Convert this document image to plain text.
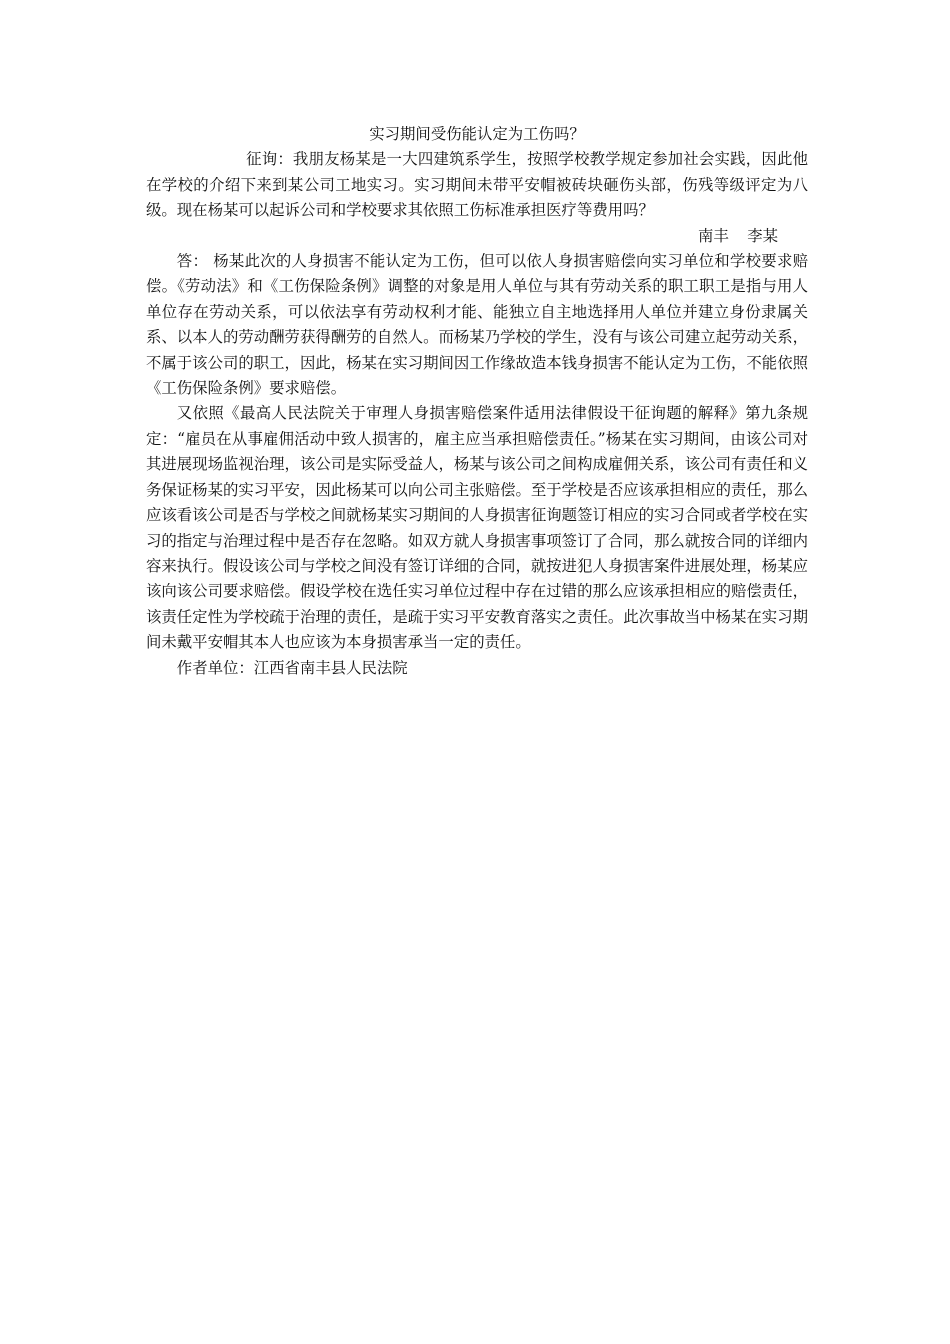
实习期间受伤能认定为工伤吗？

征询：我朋友杨某是一大四建筑系学生，按照学校教学规定参加社会实践，因此他在学校的介绍下来到某公司工地实习。实习期间未带平安帽被砖块砸伤头部，伤残等级评定为八级。现在杨某可以起诉公司和学校要求其依照工伤标准承担医疗等费用吗？

南丰 李某

答： 杨某此次的人身损害不能认定为工伤，但可以依人身损害赔偿向实习单位和学校要求赔偿。《劳动法》和《工伤保险条例》调整的对象是用人单位与其有劳动关系的职工职工是指与用人单位存在劳动关系，可以依法享有劳动权利才能、能独立自主地选择用人单位并建立身份隶属关系、以本人的劳动酬劳获得酬劳的自然人。而杨某乃学校的学生，没有与该公司建立起劳动关系，不属于该公司的职工，因此，杨某在实习期间因工作缘故造本钱身损害不能认定为工伤，不能依照《工伤保险条例》要求赔偿。

又依照《最高人民法院关于审理人身损害赔偿案件适用法律假设干征询题的解释》第九条规定：“雇员在从事雇佣活动中致人损害的，雇主应当承担赔偿责任。”杨某在实习期间，由该公司对其进展现场监视治理，该公司是实际受益人，杨某与该公司之间构成雇佣关系，该公司有责任和义务保证杨某的实习平安，因此杨某可以向公司主张赔偿。至于学校是否应该承担相应的责任，那么应该看该公司是否与学校之间就杨某实习期间的人身损害征询题签订相应的实习合同或者学校在实习的指定与治理过程中是否存在忽略。如双方就人身损害事项签订了合同，那么就按合同的详细内容来执行。假设该公司与学校之间没有签订详细的合同，就按进犯人身损害案件进展处理，杨某应该向该公司要求赔偿。假设学校在选任实习单位过程中存在过错的那么应该承担相应的赔偿责任，该责任定性为学校疏于治理的责任，是疏于实习平安教育落实之责任。此次事故当中杨某在实习期间未戴平安帽其本人也应该为本身损害承当一定的责任。

作者单位：江西省南丰县人民法院
